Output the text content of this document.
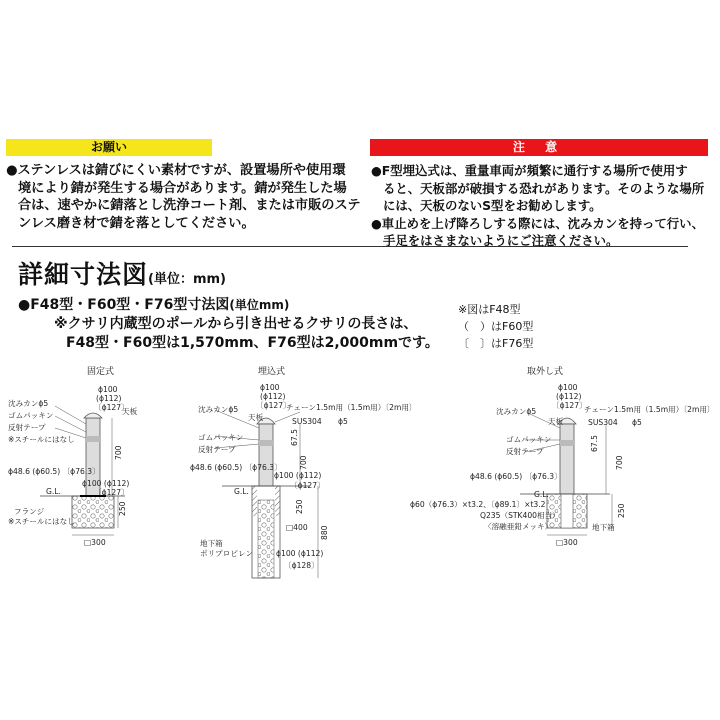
お願い
●ステンレスは錆びにくい素材ですが、設置場所や使用環
境により錆が発生する場合があります。錆が発生した場
合は、速やかに錆落とし洗浄コート剤、または市販のステ
ンレス磨き材で錆を落としてください。
注 意
●F型埋込式は、重量車両が頻繁に通行する場所で使用す
ると、天板部が破損する恐れがあります。そのような場所
には、天板のないS型をお勧めします。
●車止めを上げ降ろしする際には、沈みカンを持って行い、
手足をはさまないようにご注意ください。
詳細寸法図(単位：mm)
●F48型・F60型・F76型寸法図(単位mm)
※クサリ内蔵型のポールから引き出せるクサリの長さは、
F48型・F60型は1,570mm、F76型は2,000mmです。
※図はF48型
（　）はF60型
〔　〕はF76型
固定式	埋込式	取外し式
ϕ100
(ϕ112)
〔ϕ127〕
沈みカンϕ5
天板
ゴムパッキン
反射テープ
※スチールにはなし
ϕ48.6 (ϕ60.5) 〔ϕ76.3〕
700
ϕ100 (ϕ112)
〔ϕ127〕
G.L.
250
フランジ
※スチールにはなし
□300
ϕ100
(ϕ112)
〔ϕ127〕
沈みカンϕ5	チェーン1.5m用（1.5m用）〔2m用〕
天板	SUS304 ϕ5
ゴムパッキン
反射テープ
67.5
ϕ48.6 (ϕ60.5) 〔ϕ76.3〕
ϕ100 (ϕ112)
〔ϕ127〕
700
G.L.
250
□400 880
地下箱
ポリプロピレン	ϕ100 (ϕ112)
〔ϕ128〕
ϕ100
(ϕ112)
〔ϕ127〕
沈みカンϕ5	チェーン1.5m用（1.5m用）〔2m用〕
天板	SUS304 ϕ5
ゴムパッキン
反射テープ	67.5
ϕ48.6 (ϕ60.5) 〔ϕ76.3〕
700
G.L.
ϕ60（ϕ76.3）×t3.2、〔ϕ89.1〕×t3.2
Q235（STK400相当）
〈溶融亜鉛メッキ〉
250
地下箱
□300
